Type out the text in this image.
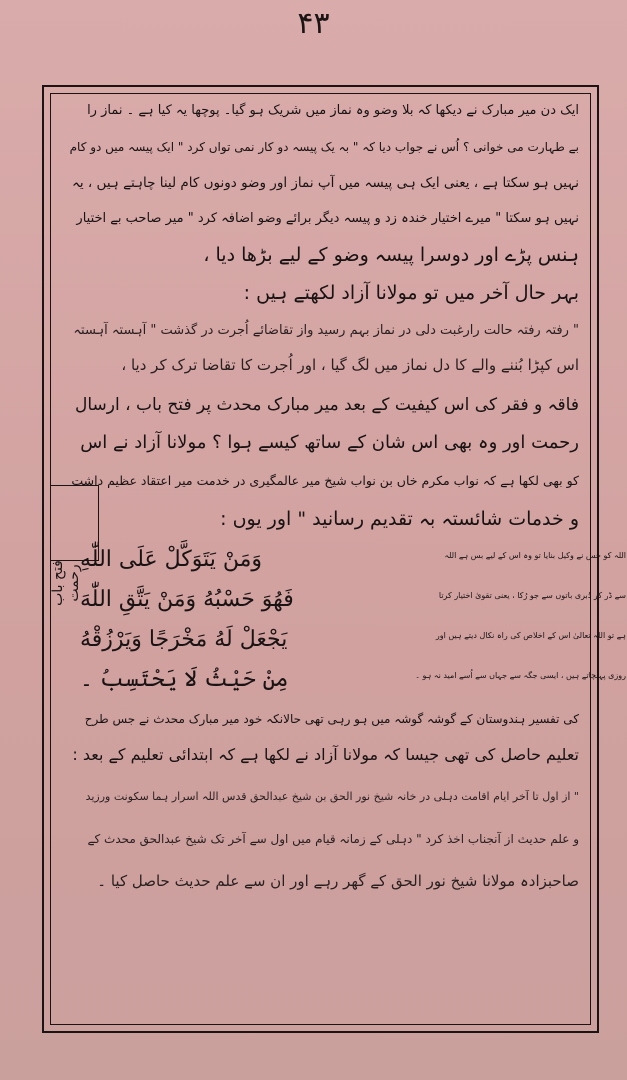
۴۳
ایک دن میر مبارک نے دیکھا کہ بلا وضو وہ نماز میں شریک ہو گیا۔ پوچھا یہ کیا ہے ۔ نماز را
بے طہارت می خوانی ؟ اُس نے جواب دیا کہ " بہ یک پیسہ دو کار نمی تواں کرد " ایک پیسہ میں دو کام
نہیں ہو سکتا ہے ، یعنی ایک ہی پیسہ میں آپ نماز اور وضو دونوں کام لینا چاہتے ہیں ، یہ
نہیں ہو سکتا " میرے اختیار خندہ زد و پیسہ دیگر برائے وضو اضافہ کرد " میر صاحب بے اختیار
ہنس پڑے اور دوسرا پیسہ وضو کے لیے بڑھا دیا ،
بہر حال آخر میں تو مولانا آزاد لکھتے ہیں :
" رفتہ رفتہ حالت رارغبت دلی در نماز بہم رسید واز تقاضائے اُجرت در گذشت " آہستہ آہستہ
اس کپڑا بُننے والے کا دل نماز میں لگ گیا ، اور اُجرت کا تقاضا ترک کر دیا ،
فتح باب رحمت
فاقہ و فقر کی اس کیفیت کے بعد میر مبارک محدث پر فتح باب ، ارسال
رحمت اور وہ بھی اس شان کے ساتھ کیسے ہوا ؟ مولانا آزاد نے اس
کو بھی لکھا ہے کہ نواب مکرم خاں بن نواب شیخ میر عالمگیری در خدمت میر اعتقاد عظیم داشت
و خدمات شائستہ بہ تقدیم رسانید " اور یوں :
وَمَنْ يَتَوَكَّلْ عَلَى اللّٰهِ	اللہ کو جس نے وکیل بنایا تو وہ اس کے لیے بس ہے اللہ
فَهُوَ حَسْبُهُ وَمَنْ يَتَّقِ اللّٰهَ	سے ڈر کر دُبری باتوں سے جو رُکا ، یعنی تقویٰ اختیار کرتا
يَجْعَلْ لَهُ مَخْرَجًا وَيَرْزُقْهُ	ہے تو اللہ تعالیٰ اس کے اخلاص کی راہ نکال دیتے ہیں اور
مِنْ حَيْثُ لَا يَحْتَسِبُ ۔	روزی پہنچاتے ہیں ، ایسی جگہ سے جہاں سے اُسے امید نہ ہو ۔
کی تفسیر ہندوستان کے گوشہ گوشہ میں ہو رہی تھی حالانکہ خود میر مبارک محدث نے جس طرح
تعلیم حاصل کی تھی جیسا کہ مولانا آزاد نے لکھا ہے کہ ابتدائی تعلیم کے بعد :
" از اول تا آخر ایام اقامت دہلی در خانہ شیخ نور الحق بن شیخ عبدالحق قدس اللہ اسرار ہما سکونت ورزید
و علم حدیث از آنجناب اخذ کرد " دہلی کے زمانہ قیام میں اول سے آخر تک شیخ عبدالحق محدث کے
صاحبزادہ مولانا شیخ نور الحق کے گھر رہے اور ان سے علم حدیث حاصل کیا ۔
